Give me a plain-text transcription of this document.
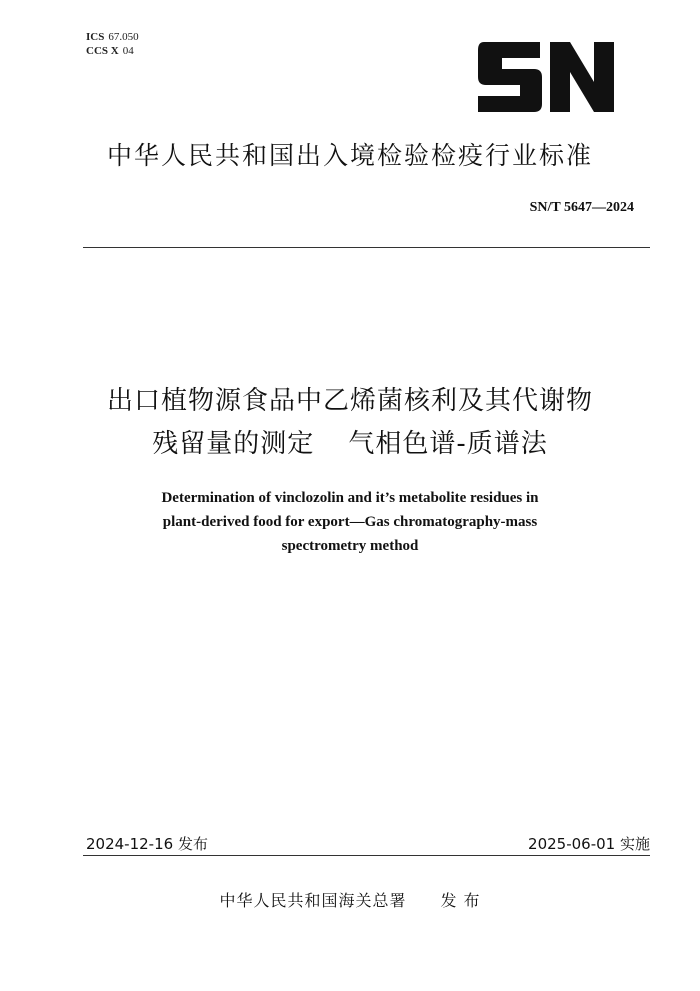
ICS 67.050
CCS X 04
中华人民共和国出入境检验检疫行业标准
SN/T 5647—2024
出口植物源食品中乙烯菌核利及其代谢物
残留量的测定 气相色谱-质谱法
Determination of vinclozolin and it’s metabolite residues in
plant-derived food for export—Gas chromatography-mass
spectrometry method
2024-12-16 发布	2025-06-01 实施
中华人民共和国海关总署 发 布
